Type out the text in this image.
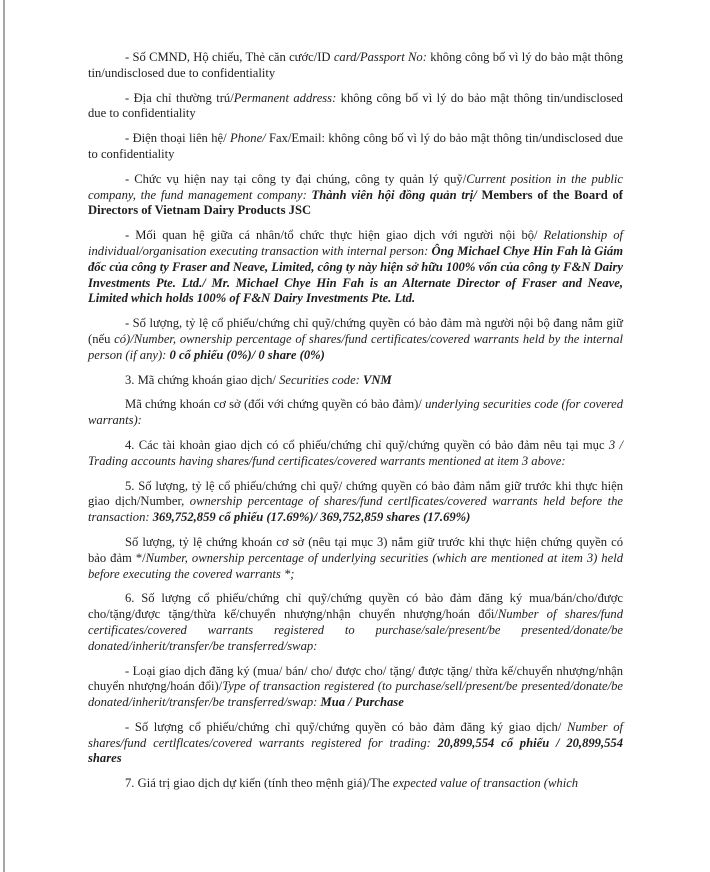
- Số CMND, Hộ chiếu, Thẻ căn cước/ID card/Passport No: không công bố vì lý do bảo mật thông tin/undisclosed due to confidentiality

- Địa chỉ thường trú/Permanent address: không công bố vì lý do bảo mật thông tin/undisclosed due to confidentiality

- Điện thoại liên hệ/ Phone/ Fax/Email: không công bố vì lý do bảo mật thông tin/undisclosed due to confidentiality

- Chức vụ hiện nay tại công ty đại chúng, công ty quản lý quỹ/Current position in the public company, the fund management company: Thành viên hội đồng quản trị/ Members of the Board of Directors of Vietnam Dairy Products JSC

- Mối quan hệ giữa cá nhân/tổ chức thực hiện giao dịch với người nội bộ/ Relationship of individual/organisation executing transaction with internal person: Ông Michael Chye Hin Fah là Giám đốc của công ty Fraser and Neave, Limited, công ty này hiện sở hữu 100% vốn của công ty F&N Dairy Investments Pte. Ltd./ Mr. Michael Chye Hin Fah is an Alternate Director of Fraser and Neave, Limited which holds 100% of F&N Dairy Investments Pte. Ltd.

- Số lượng, tỷ lệ cổ phiếu/chứng chỉ quỹ/chứng quyền có bảo đảm mà người nội bộ đang nắm giữ (nếu có)/Number, ownership percentage of shares/fund certificates/covered warrants held by the internal person (if any): 0 cổ phiếu (0%)/ 0 share (0%)

3. Mã chứng khoán giao dịch/ Securities code: VNM

Mã chứng khoán cơ sở (đối với chứng quyền có bảo đảm)/ underlying securities code (for covered warrants):

4. Các tài khoản giao dịch có cổ phiếu/chứng chỉ quỹ/chứng quyền có bảo đảm nêu tại mục 3 / Trading accounts having shares/fund certificates/covered warrants mentioned at item 3 above:

5. Số lượng, tỷ lệ cổ phiếu/chứng chỉ quỹ/ chứng quyền có bảo đảm nắm giữ trước khi thực hiện giao dịch/Number, ownership percentage of shares/fund certlficates/covered warrants held before the transaction: 369,752,859 cổ phiếu (17.69%)/ 369,752,859 shares (17.69%)

Số lượng, tỷ lệ chứng khoán cơ sở (nêu tại mục 3) nắm giữ trước khi thực hiện chứng quyền có bảo đảm */Number, ownership percentage of underlying securities (which are mentioned at item 3) held before executing the covered warrants *;

6. Số lượng cổ phiếu/chứng chỉ quỹ/chứng quyền có bảo đảm đăng ký mua/bán/cho/được cho/tặng/được tặng/thừa kế/chuyển nhượng/nhận chuyển nhượng/hoán đổi/Number of shares/fund certificates/covered warrants registered to purchase/sale/present/be presented/donate/be donated/inherit/transfer/be transferred/swap:

- Loại giao dịch đăng ký (mua/ bán/ cho/ được cho/ tặng/ được tặng/ thừa kế/chuyển nhượng/nhận chuyển nhượng/hoán đổi)/Type of transaction registered (to purchase/sell/present/be presented/donate/be donated/inherit/transfer/be transferred/swap: Mua / Purchase

- Số lượng cổ phiếu/chứng chỉ quỹ/chứng quyền có bảo đảm đăng ký giao dịch/ Number of shares/fund certlflcates/covered warrants registered for trading: 20,899,554 cổ phiếu / 20,899,554 shares

7. Giá trị giao dịch dự kiến (tính theo mệnh giá)/The expected value of transaction (which
